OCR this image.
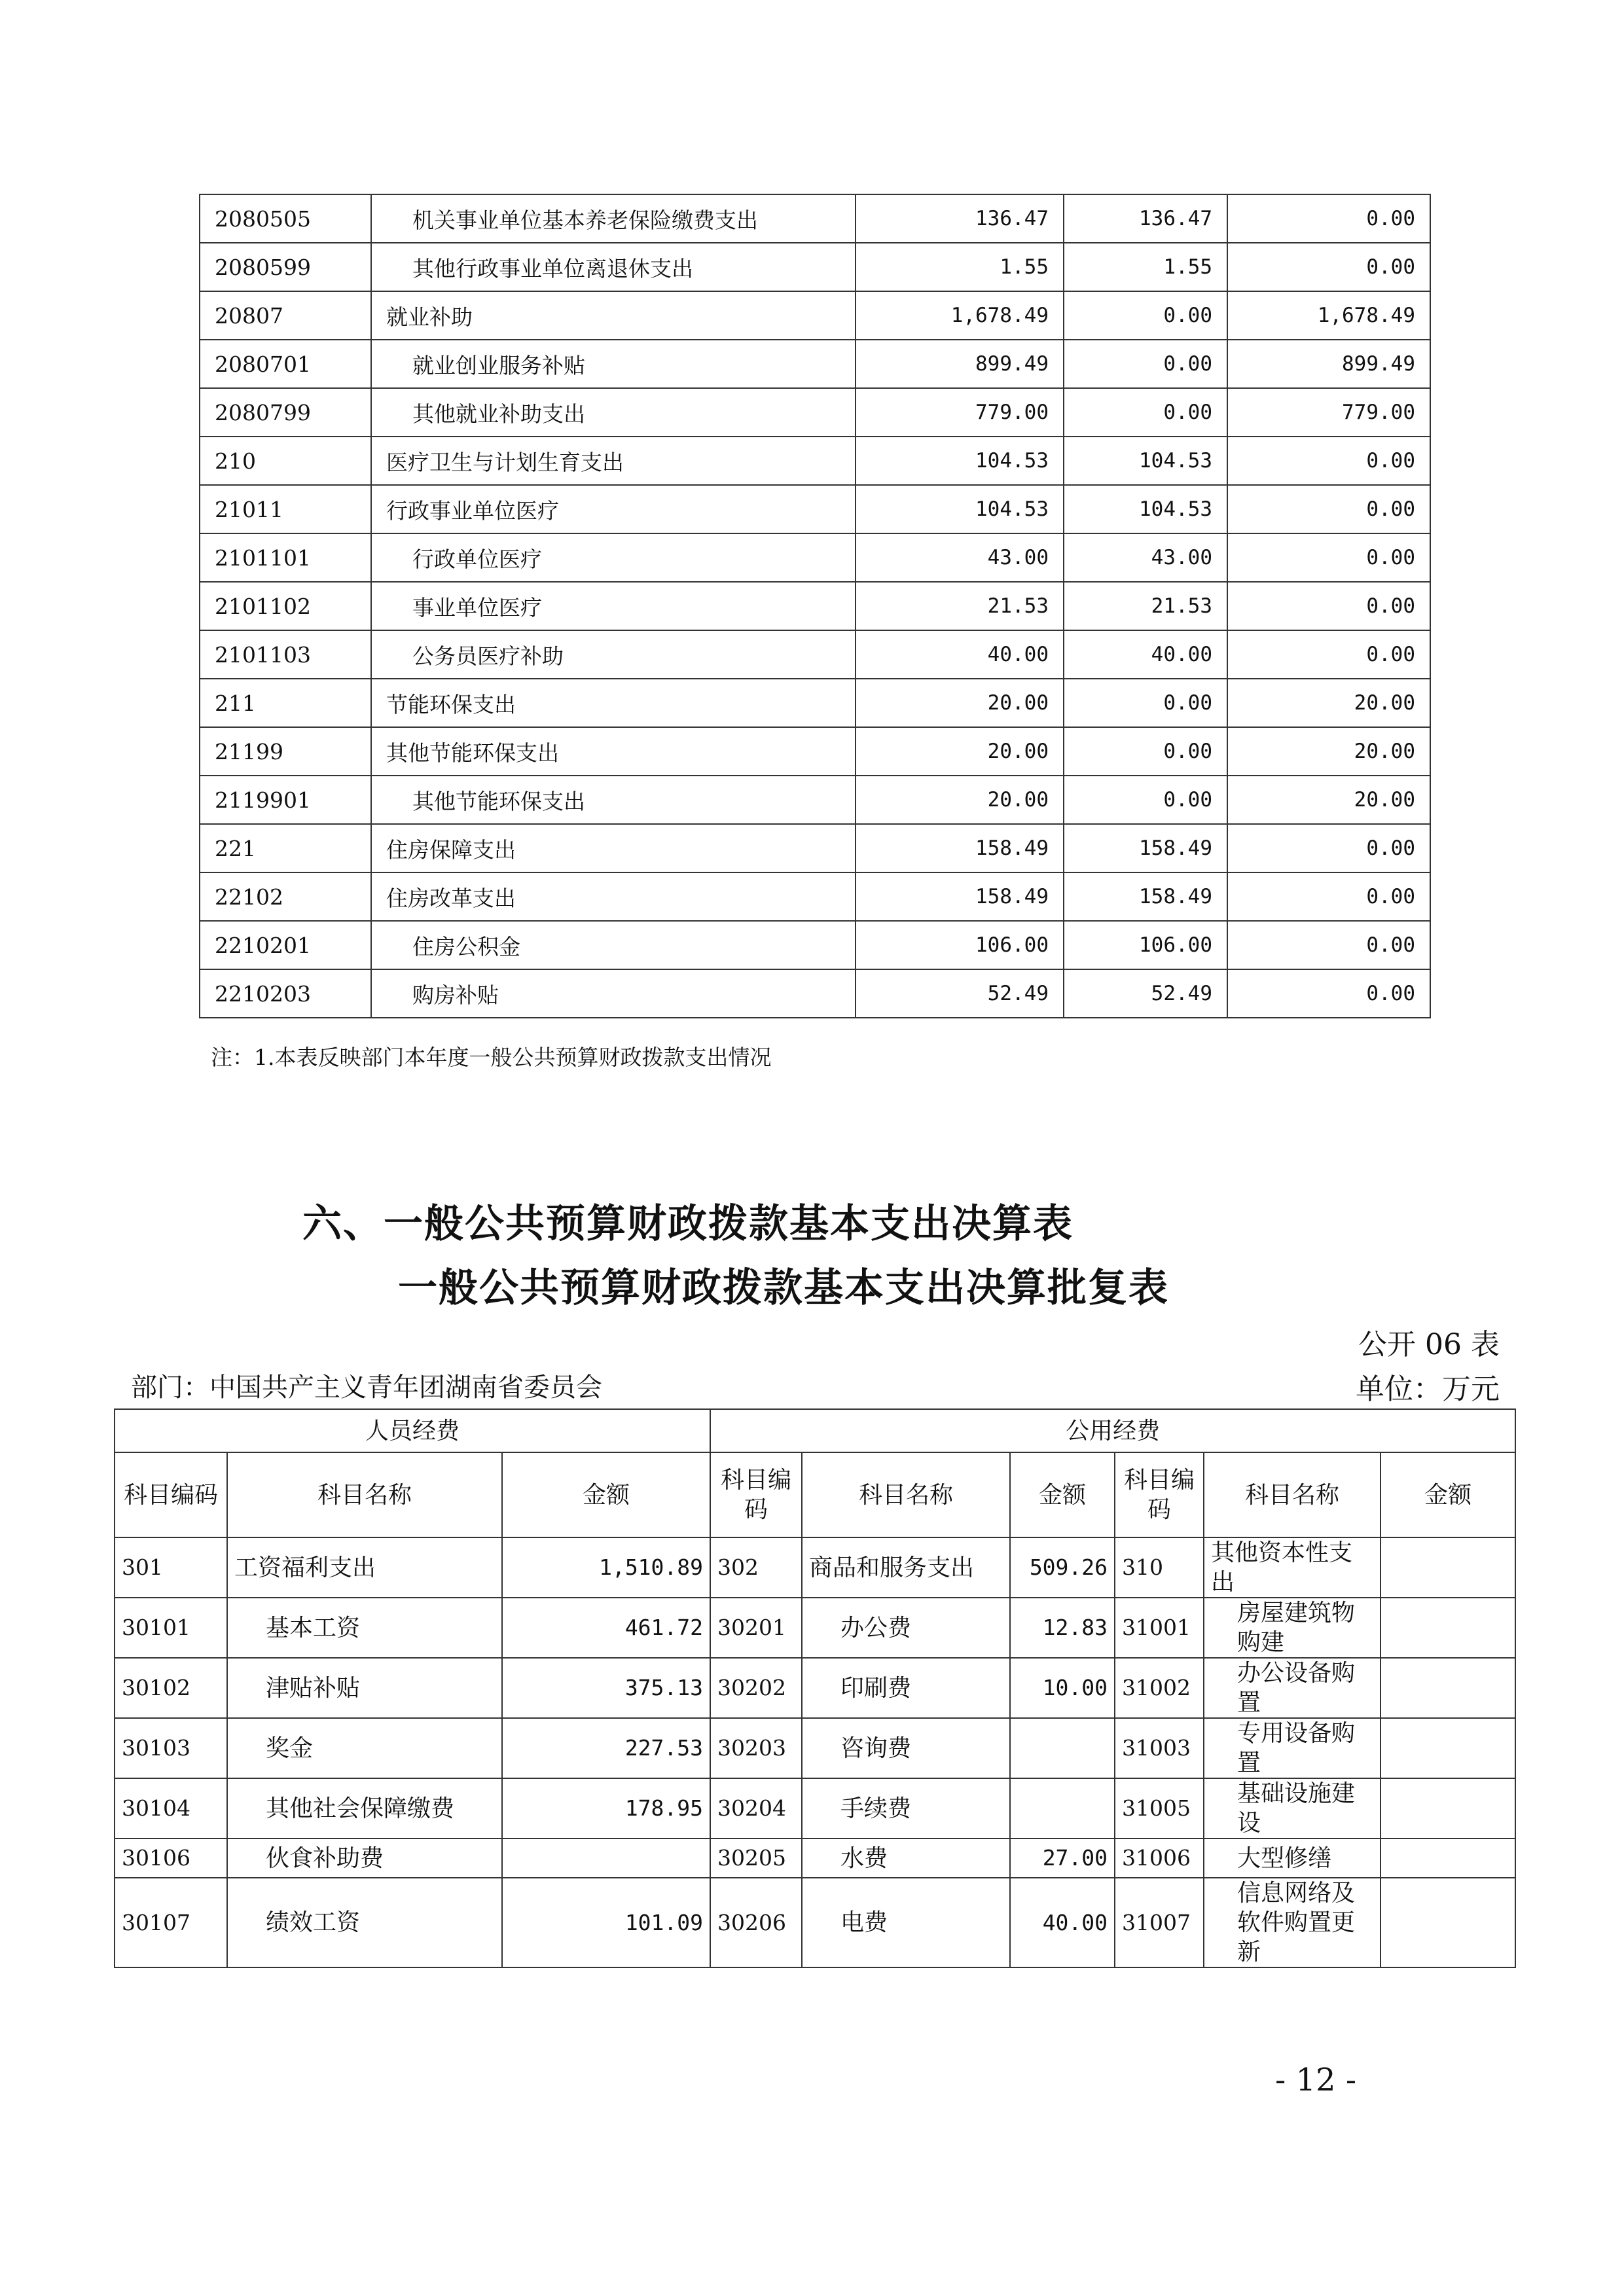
2080505	机关事业单位基本养老保险缴费支出	136.47	136.47	0.00
2080599	其他行政事业单位离退休支出	1.55	1.55	0.00
20807	就业补助	1,678.49	0.00	1,678.49
2080701	就业创业服务补贴	899.49	0.00	899.49
2080799	其他就业补助支出	779.00	0.00	779.00
210	医疗卫生与计划生育支出	104.53	104.53	0.00
21011	行政事业单位医疗	104.53	104.53	0.00
2101101	行政单位医疗	43.00	43.00	0.00
2101102	事业单位医疗	21.53	21.53	0.00
2101103	公务员医疗补助	40.00	40.00	0.00
211	节能环保支出	20.00	0.00	20.00
21199	其他节能环保支出	20.00	0.00	20.00
2119901	其他节能环保支出	20.00	0.00	20.00
221	住房保障支出	158.49	158.49	0.00
22102	住房改革支出	158.49	158.49	0.00
2210201	住房公积金	106.00	106.00	0.00
2210203	购房补贴	52.49	52.49	0.00
注：1.本表反映部门本年度一般公共预算财政拨款支出情况
六、一般公共预算财政拨款基本支出决算表
一般公共预算财政拨款基本支出决算批复表
公开 06 表
部门：中国共产主义青年团湖南省委员会	单位：万元
人员经费			公用经费					
科目编码	科目名称	金额	科目编码	科目名称	金额	科目编码	科目名称	金额
301	工资福利支出	1,510.89	302	商品和服务支出	509.26	310	其他资本性支出	
30101	基本工资	461.72	30201	办公费	12.83	31001	房屋建筑物购建	
30102	津贴补贴	375.13	30202	印刷费	10.00	31002	办公设备购置	
30103	奖金	227.53	30203	咨询费		31003	专用设备购置	
30104	其他社会保障缴费	178.95	30204	手续费		31005	基础设施建设	
30106	伙食补助费		30205	水费	27.00	31006	大型修缮	
30107	绩效工资	101.09	30206	电费	40.00	31007	信息网络及软件购置更新	
- 12 -
